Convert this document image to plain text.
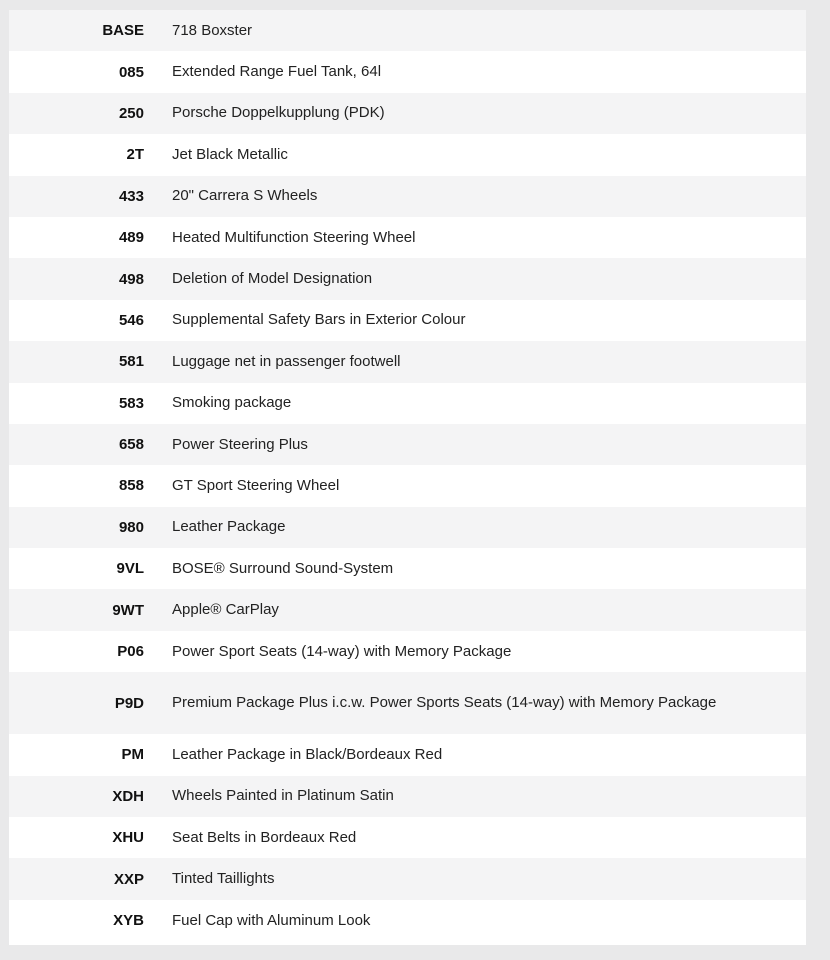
BASE	718 Boxster
085	Extended Range Fuel Tank, 64l
250	Porsche Doppelkupplung (PDK)
2T	Jet Black Metallic
433	20" Carrera S Wheels
489	Heated Multifunction Steering Wheel
498	Deletion of Model Designation
546	Supplemental Safety Bars in Exterior Colour
581	Luggage net in passenger footwell
583	Smoking package
658	Power Steering Plus
858	GT Sport Steering Wheel
980	Leather Package
9VL	BOSE® Surround Sound-System
9WT	Apple® CarPlay
P06	Power Sport Seats (14-way) with Memory Package
P9D	Premium Package Plus i.c.w. Power Sports Seats (14-way) with Memory Package
PM	Leather Package in Black/Bordeaux Red
XDH	Wheels Painted in Platinum Satin
XHU	Seat Belts in Bordeaux Red
XXP	Tinted Taillights
XYB	Fuel Cap with Aluminum Look
